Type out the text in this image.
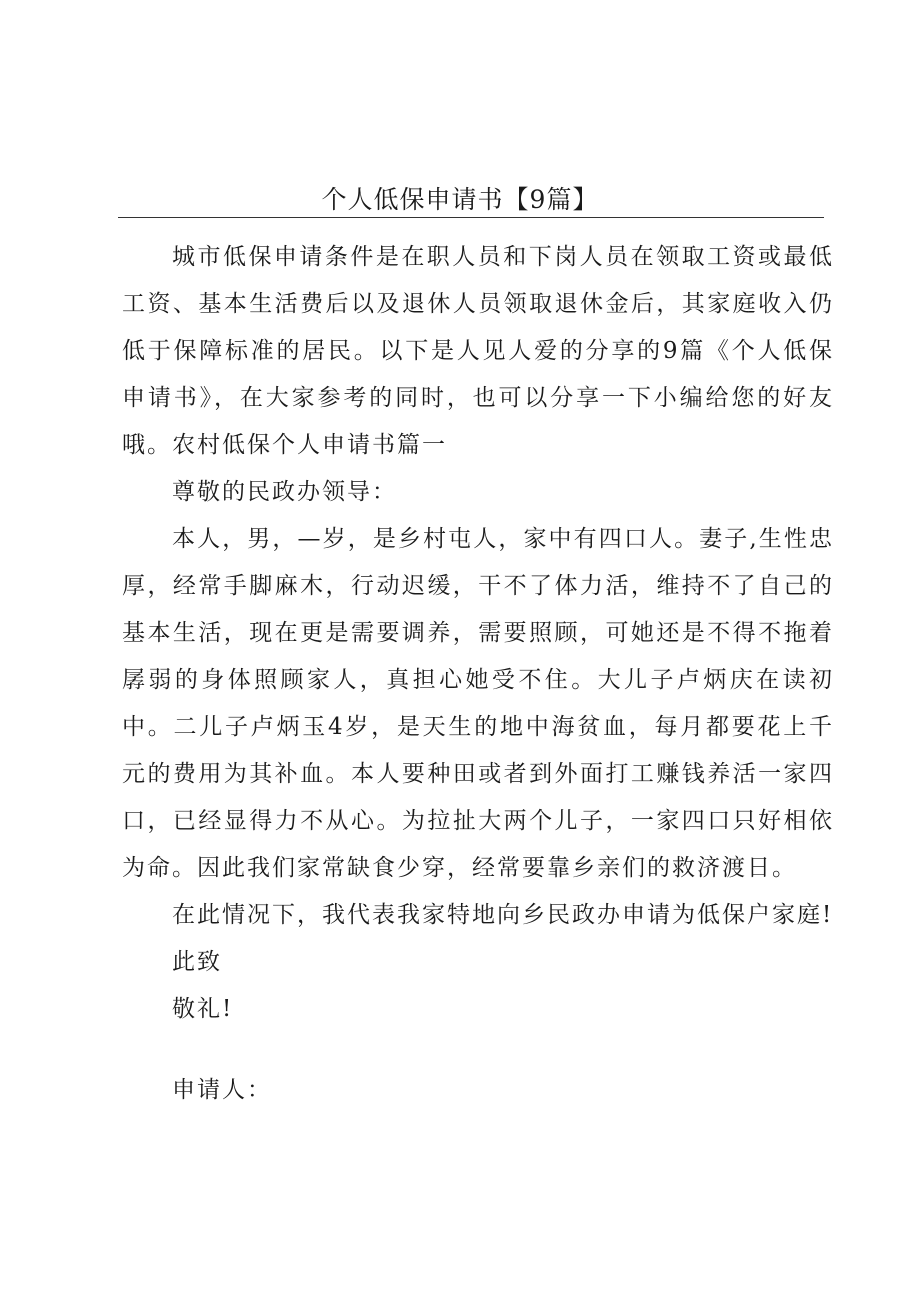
个人低保申请书【9篇】

城市低保申请条件是在职人员和下岗人员在领取工资或最低工资、基本生活费后以及退休人员领取退休金后，其家庭收入仍低于保障标准的居民。以下是人见人爱的分享的9篇《个人低保申请书》，在大家参考的同时，也可以分享一下小编给您的好友哦。农村低保个人申请书篇一

尊敬的民政办领导：

本人，男，—岁，是乡村屯人，家中有四口人。妻子,生性忠厚，经常手脚麻木，行动迟缓，干不了体力活，维持不了自己的基本生活，现在更是需要调养，需要照顾，可她还是不得不拖着孱弱的身体照顾家人，真担心她受不住。大儿子卢炳庆在读初中。二儿子卢炳玉4岁，是天生的地中海贫血，每月都要花上千元的费用为其补血。本人要种田或者到外面打工赚钱养活一家四口，已经显得力不从心。为拉扯大两个儿子，一家四口只好相依为命。因此我们家常缺食少穿，经常要靠乡亲们的救济渡日。

在此情况下，我代表我家特地向乡民政办申请为低保户家庭!

此致

敬礼!

申请人：
